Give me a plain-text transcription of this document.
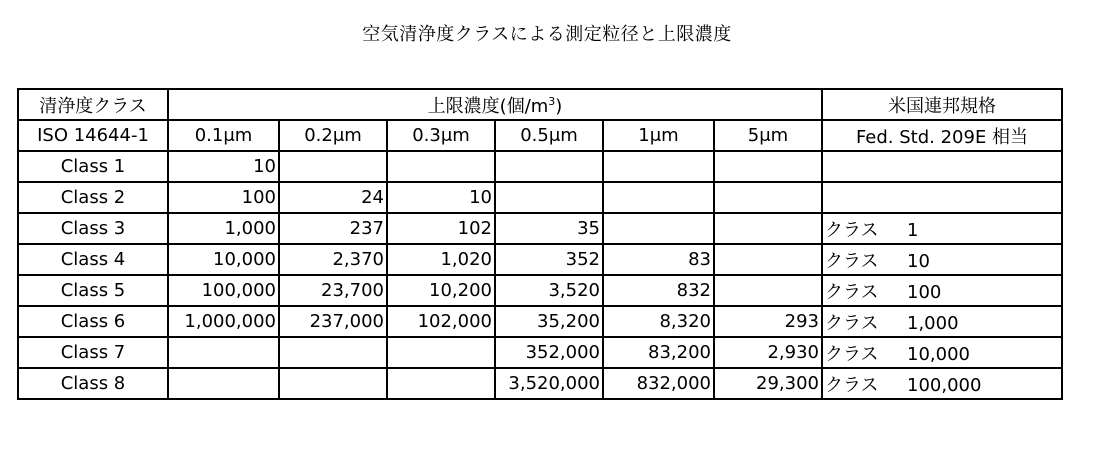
空気清浄度クラスによる測定粒径と上限濃度
清浄度クラス	上限濃度(個$/m^3$)						米国連邦規格
ISO 14644-1	0.1μm	0.2μm	0.3μm	0.5μm	1μm	5μm	Fed. Std. 209E 相当
Class 1	10						
Class 2	100	24	10				
Class 3	1,000	237	102	35			クラス 1
Class 4	10,000	2,370	1,020	352	83		クラス 10
Class 5	100,000	23,700	10,200	3,520	832		クラス 100
Class 6	1,000,000	237,000	102,000	35,200	8,320	293	クラス 1,000
Class 7				352,000	83,200	2,930	クラス 10,000
Class 8				3,520,000	832,000	29,300	クラス 100,000
